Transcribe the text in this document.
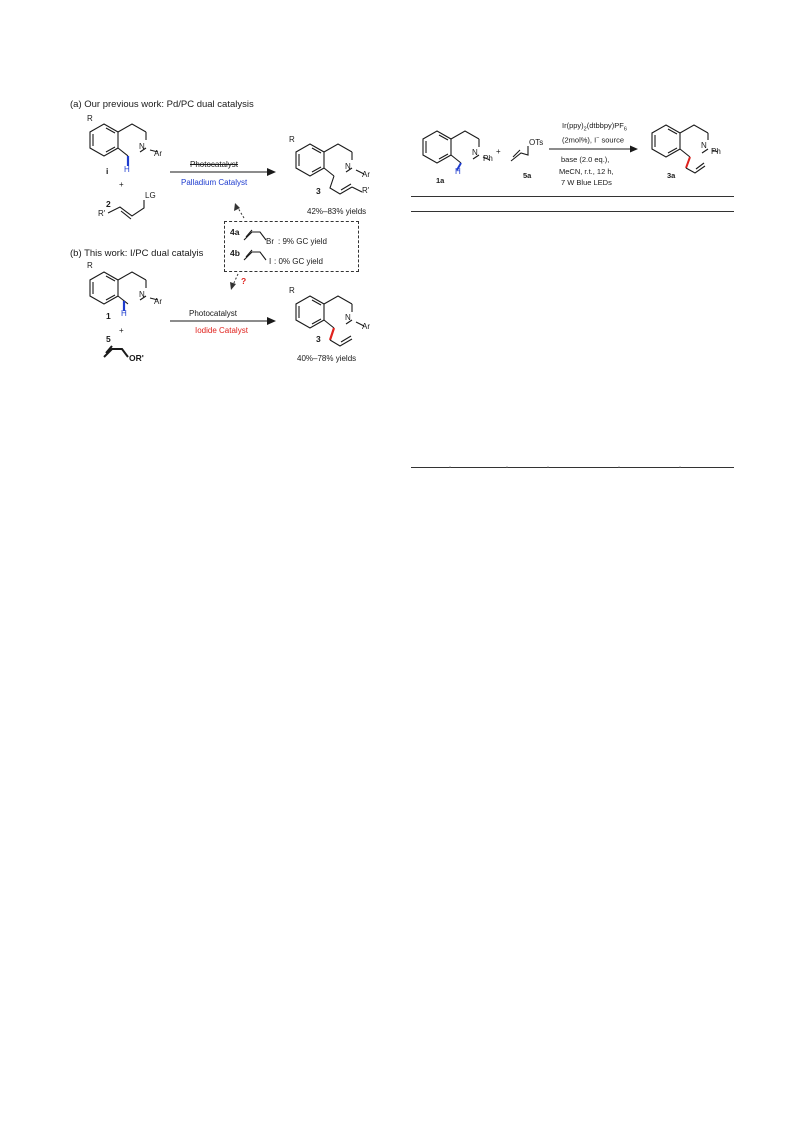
(a) Our previous work: Pd/PC dual catalysis
R
N
Ar
H
i
+
2
R'
LG
Photocatalyst
Palladium Catalyst
R
N
Ar
R'
3
42%–83% yields
4a
Br : 9% GC yield
4b
I : 0% GC yield
?
(b) This work: I/PC dual catalyis
R
N
Ar
H
1
+
5
OR'
Photocatalyst
Iodide Catalyst
R
N
Ar
3
40%–78% yields
N
Ph
H
1a
+
OTs
5a
$Ir(ppy)_2(dtbbpy)PF_6$
(2mol%), I− source
base (2.0 eq.),
MeCN, r.t., 12 h,
7 W Blue LEDs
N
Ph
3a
